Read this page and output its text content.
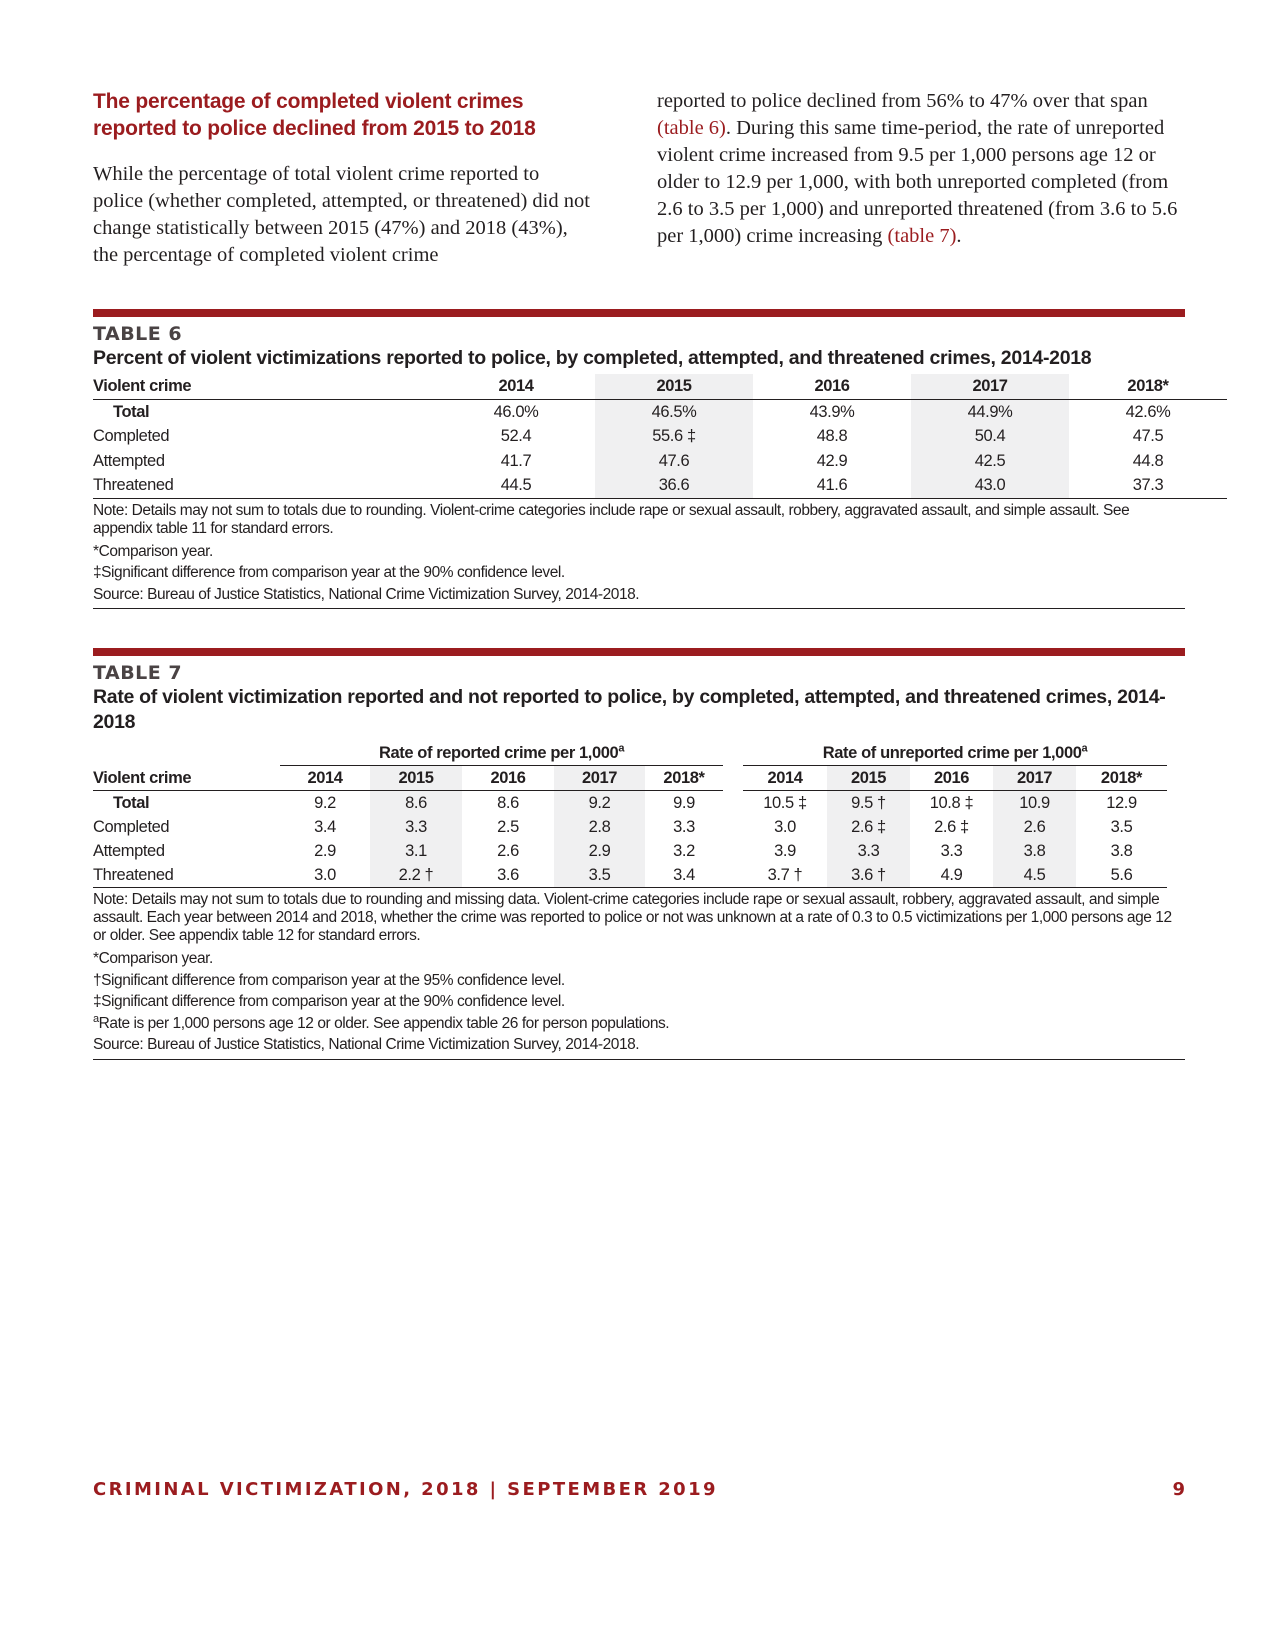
The percentage of completed violent crimes reported to police declined from 2015 to 2018

While the percentage of total violent crime reported to police (whether completed, attempted, or threatened) did not change statistically between 2015 (47%) and 2018 (43%), the percentage of completed violent crime

reported to police declined from 56% to 47% over that span (table 6). During this same time-period, the rate of unreported violent crime increased from 9.5 per 1,000 persons age 12 or older to 12.9 per 1,000, with both unreported completed (from 2.6 to 3.5 per 1,000) and unreported threatened (from 3.6 to 5.6 per 1,000) crime increasing (table 7).

TABLE 6
Percent of violent victimizations reported to police, by completed, attempted, and threatened crimes, 2014-2018
Violent crime	2014	2015	2016	2017	2018*
Total	46.0%	46.5%	43.9%	44.9%	42.6%
Completed	52.4	55.6 ‡	48.8	50.4	47.5
Attempted	41.7	47.6	42.9	42.5	44.8
Threatened	44.5	36.6	41.6	43.0	37.3
Note: Details may not sum to totals due to rounding. Violent-crime categories include rape or sexual assault, robbery, aggravated assault, and simple assault. See appendix table 11 for standard errors.
*Comparison year.
‡Significant difference from comparison year at the 90% confidence level.
Source: Bureau of Justice Statistics, National Crime Victimization Survey, 2014-2018.
TABLE 7
Rate of violent victimization reported and not reported to police, by completed, attempted, and threatened crimes, 2014-2018
Rate of reported crime per 1,000$^a$	Rate of unreported crime per 1,000$^a$
Violent crime	2014	2015	2016	2017	2018*	2014	2015	2016	2017	2018*
Total	9.2	8.6	8.6	9.2	9.9	10.5 ‡	9.5 †	10.8 ‡	10.9	12.9
Completed	3.4	3.3	2.5	2.8	3.3	3.0	2.6 ‡	2.6 ‡	2.6	3.5
Attempted	2.9	3.1	2.6	2.9	3.2	3.9	3.3	3.3	3.8	3.8
Threatened	3.0	2.2 †	3.6	3.5	3.4	3.7 †	3.6 †	4.9	4.5	5.6
Note: Details may not sum to totals due to rounding and missing data. Violent-crime categories include rape or sexual assault, robbery, aggravated assault, and simple assault. Each year between 2014 and 2018, whether the crime was reported to police or not was unknown at a rate of 0.3 to 0.5 victimizations per 1,000 persons age 12 or older. See appendix table 12 for standard errors.
*Comparison year.
†Significant difference from comparison year at the 95% confidence level.
‡Significant difference from comparison year at the 90% confidence level.
$^a$Rate is per 1,000 persons age 12 or older. See appendix table 26 for person populations.
Source: Bureau of Justice Statistics, National Crime Victimization Survey, 2014-2018.
CRIMINAL VICTIMIZATION, 2018 | SEPTEMBER 2019	9
